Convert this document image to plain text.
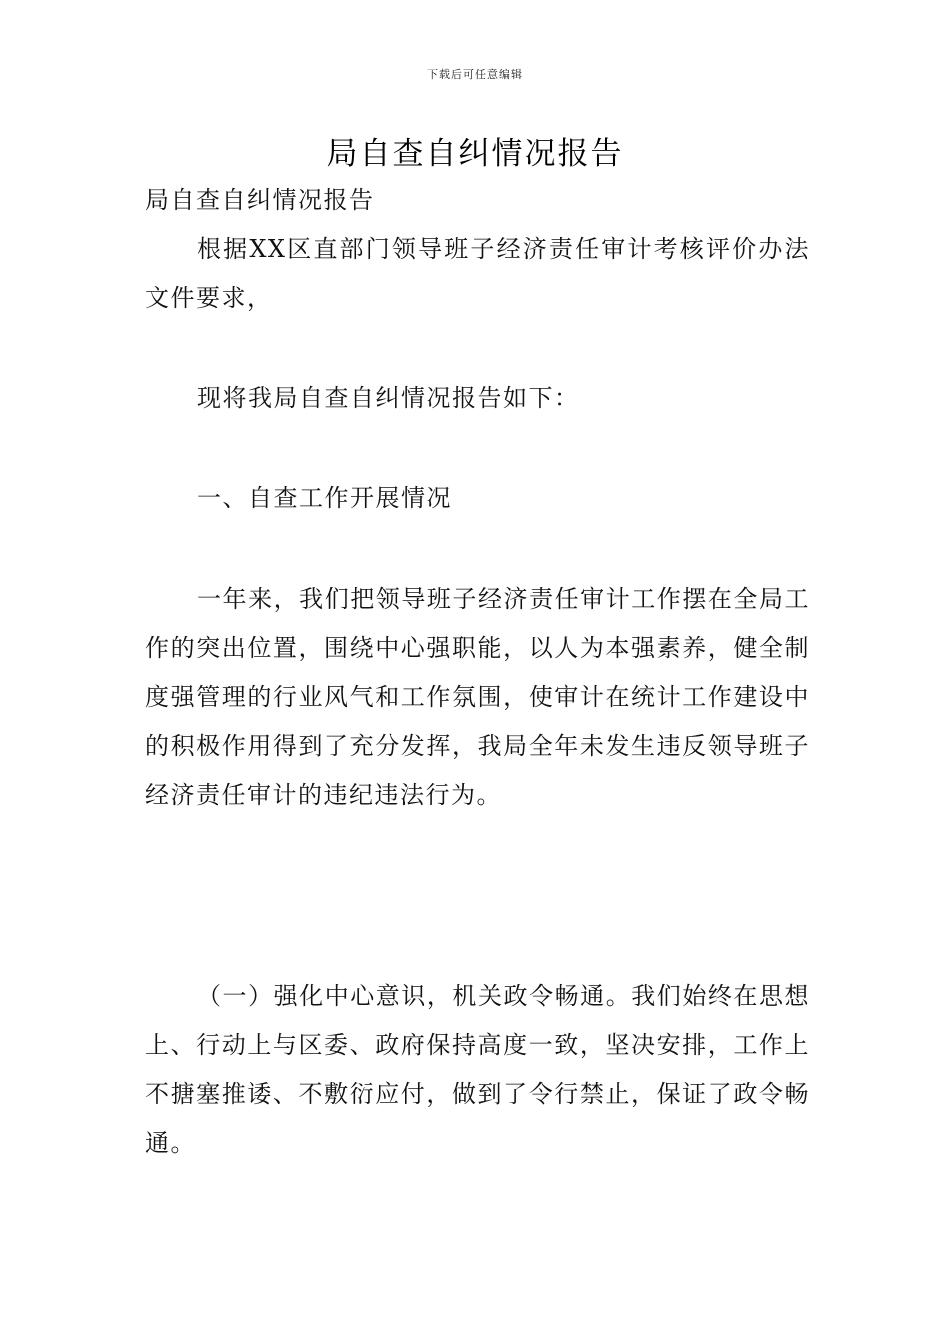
下载后可任意编辑
局自查自纠情况报告

局自查自纠情况报告

根据XX区直部门领导班子经济责任审计考核评价办法文件要求，

现将我局自查自纠情况报告如下：

一、自查工作开展情况

一年来，我们把领导班子经济责任审计工作摆在全局工作的突出位置，围绕中心强职能，以人为本强素养，健全制度强管理的行业风气和工作氛围，使审计在统计工作建设中的积极作用得到了充分发挥，我局全年未发生违反领导班子经济责任审计的违纪违法行为。

（一）强化中心意识，机关政令畅通。我们始终在思想上、行动上与区委、政府保持高度一致，坚决安排，工作上不搪塞推诿、不敷衍应付，做到了令行禁止，保证了政令畅通。
